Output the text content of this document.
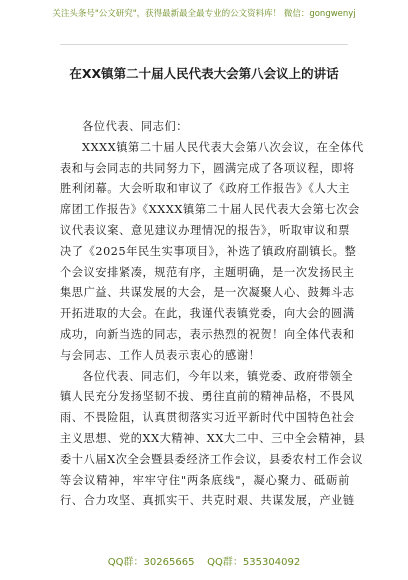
关注头条号"公文研究"，获得最新最全最专业的公文资料库！ 微信：gongwenyj
在XX镇第二十届人民代表大会第八会议上的讲话
各位代表、同志们：
XXXX镇第二十届人民代表大会第八次会议，在全体代
表和与会同志的共同努力下，圆满完成了各项议程，即将
胜利闭幕。大会听取和审议了《政府工作报告》《人大主
席团工作报告》《XXXX镇第二十届人民代表大会第七次会
议代表议案、意见建议办理情况的报告》，听取审议和票
决了《2025年民生实事项目》，补选了镇政府副镇长。整
个会议安排紧凑，规范有序，主题明确，是一次发扬民主
集思广益、共谋发展的大会，是一次凝聚人心、鼓舞斗志
开拓进取的大会。在此，我谨代表镇党委，向大会的圆满
成功，向新当选的同志，表示热烈的祝贺！向全体代表和
与会同志、工作人员表示衷心的感谢！
各位代表、同志们，今年以来，镇党委、政府带领全
镇人民充分发扬坚韧不拔、勇往直前的精神品格，不畏风
雨、不畏险阻，认真贯彻落实习近平新时代中国特色社会
主义思想、党的XX大精神、XX大二中、三中全会精神，县
委十八届X次全会暨县委经济工作会议，县委农村工作会议
等会议精神，牢牢守住"两条底线"，凝心聚力、砥砺前
行、合力攻坚、真抓实干、共克时艰、共谋发展，产业链
QQ群：30265665 QQ群：535304092
